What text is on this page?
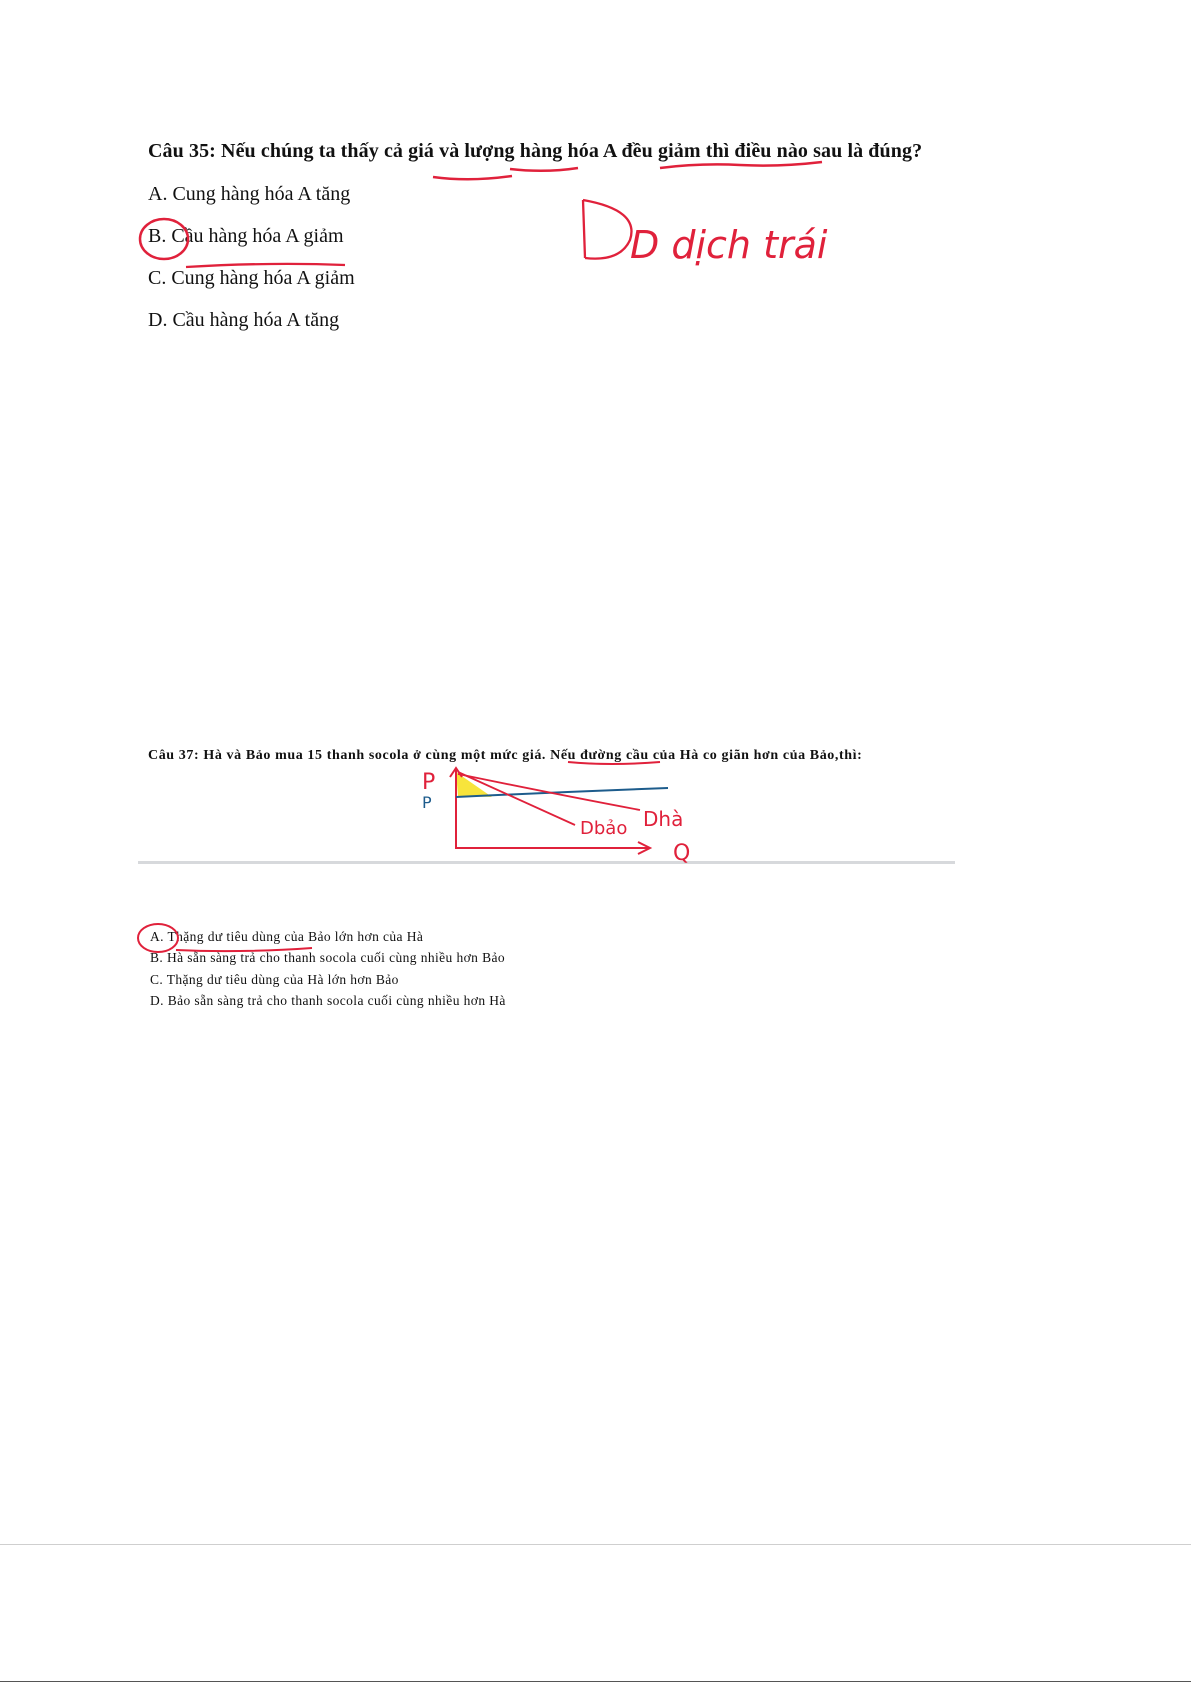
Câu 35: Nếu chúng ta thấy cả giá và lượng hàng hóa A đều giảm thì điều nào sau là đúng?
A. Cung hàng hóa A tăng
B. Cầu hàng hóa A giảm
C. Cung hàng hóa A giảm
D. Cầu hàng hóa A tăng
Câu 37: Hà và Bảo mua 15 thanh socola ở cùng một mức giá. Nếu đường cầu của Hà co giãn hơn của Bảo,thì:
A. Thặng dư tiêu dùng của Bảo lớn hơn của Hà
B. Hà sẵn sàng trả cho thanh socola cuối cùng nhiều hơn Bảo
C. Thặng dư tiêu dùng của Hà lớn hơn Bảo
D. Bảo sẵn sàng trả cho thanh socola cuối cùng nhiều hơn Hà
D dịch trái
P
P
Q
Dbảo Dhà
